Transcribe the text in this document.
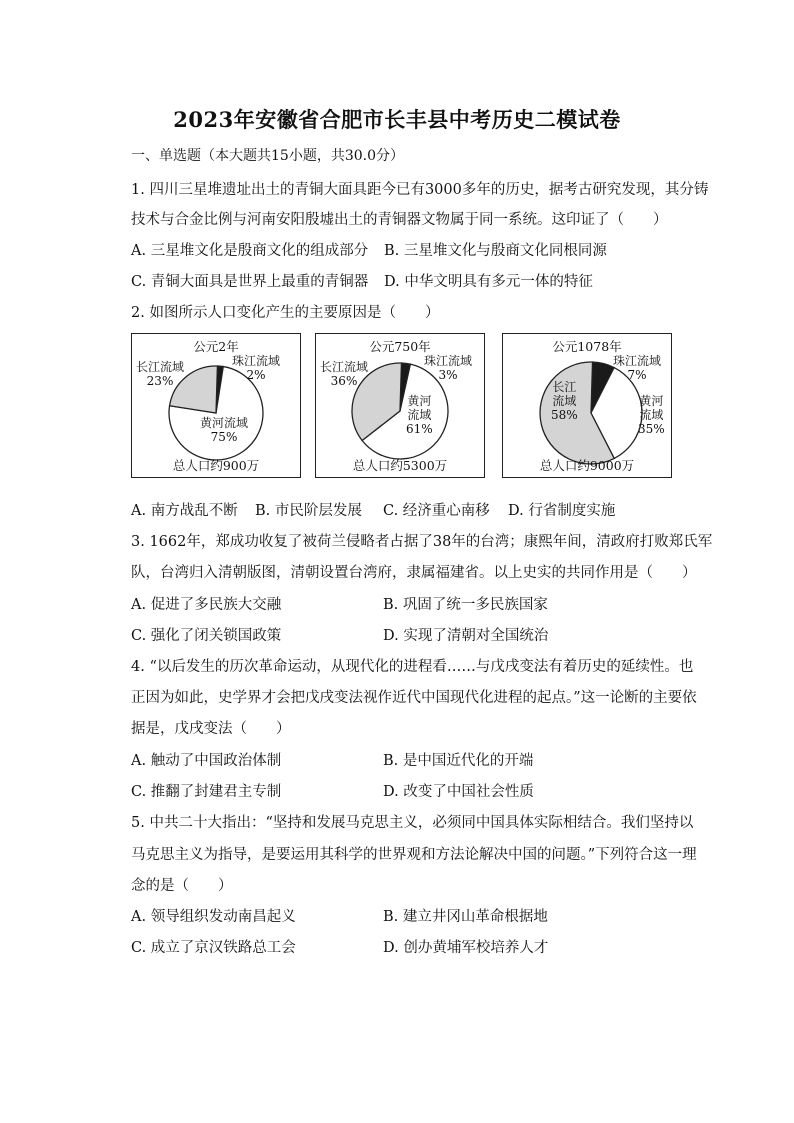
2023年安徽省合肥市长丰县中考历史二模试卷
一、单选题（本大题共15小题，共30.0分）
1. 四川三星堆遗址出土的青铜大面具距今已有3000多年的历史，据考古研究发现，其分铸
技术与合金比例与河南安阳殷墟出土的青铜器文物属于同一系统。这印证了（　　）
A. 三星堆文化是殷商文化的组成部分 B. 三星堆文化与殷商文化同根同源
C. 青铜大面具是世界上最重的青铜器 D. 中华文明具有多元一体的特征
2. 如图所示人口变化产生的主要原因是（　　）
公元2年
珠江流域
2%
长江流域
23%
黄河流域
75%
总人口约900万
公元750年
珠江流域
3%
长江流域
36%
黄河
流域
61%
总人口约5300万
公元1078年
珠江流域
7%
长江
流域
58%
黄河
流域
35%
总人口约9000万
A. 南方战乱不断 B. 市民阶层发展 C. 经济重心南移 D. 行省制度实施
3. 1662年，郑成功收复了被荷兰侵略者占据了38年的台湾；康熙年间，清政府打败郑氏军
队，台湾归入清朝版图，清朝设置台湾府，隶属福建省。以上史实的共同作用是（　　）
A. 促进了多民族大交融	B. 巩固了统一多民族国家
C. 强化了闭关锁国政策	D. 实现了清朝对全国统治
4. “以后发生的历次革命运动，从现代化的进程看……与戊戌变法有着历史的延续性。也
正因为如此，史学界才会把戊戌变法视作近代中国现代化进程的起点。”这一论断的主要依
据是，戊戌变法（　　）
A. 触动了中国政治体制	B. 是中国近代化的开端
C. 推翻了封建君主专制	D. 改变了中国社会性质
5. 中共二十大指出：“坚持和发展马克思主义，必须同中国具体实际相结合。我们坚持以
马克思主义为指导，是要运用其科学的世界观和方法论解决中国的问题。”下列符合这一理
念的是（　　）
A. 领导组织发动南昌起义	B. 建立井冈山革命根据地
C. 成立了京汉铁路总工会	D. 创办黄埔军校培养人才
